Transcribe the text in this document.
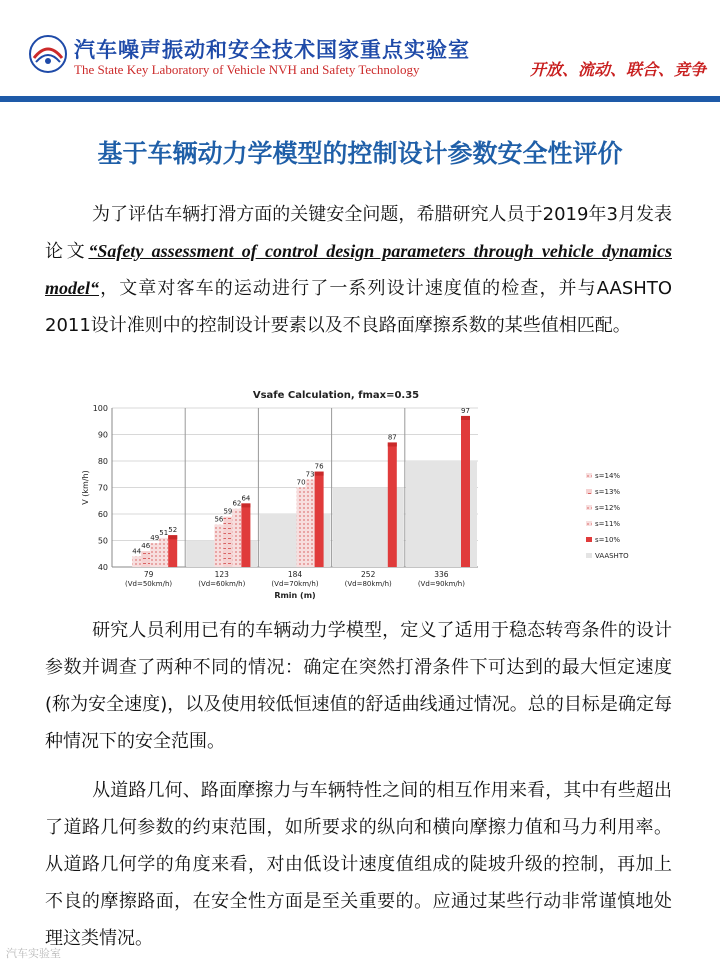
汽车噪声振动和安全技术国家重点实验室
The State Key Laboratory of Vehicle NVH and Safety Technology	开放、流动、联合、竞争
基于车辆动力学模型的控制设计参数安全性评价

为了评估车辆打滑方面的关键安全问题，希腊研究人员于2019年3月发表论文“Safety assessment of control design parameters through vehicle dynamics model“，文章对客车的运动进行了一系列设计速度值的检查，并与AASHTO 2011设计准则中的控制设计要素以及不良路面摩擦系数的某些值相匹配。

Vsafe Calculation, fmax=0.35
40
50
60
70
80
90
100
V (km/h)
44
46
49
51 52
79
(Vd=50km/h)
56
59
62
64
123
(Vd=60km/h)
70
73
76
184
(Vd=70km/h)
87
252
(Vd=80km/h)
97
336
(Vd=90km/h)
Rmin (m)
s=14%
s=13%
s=12%
s=11%
s=10%
VAASHTO

研究人员利用已有的车辆动力学模型，定义了适用于稳态转弯条件的设计参数并调查了两种不同的情况：确定在突然打滑条件下可达到的最大恒定速度(称为安全速度)，以及使用较低恒速值的舒适曲线通过情况。总的目标是确定每种情况下的安全范围。

从道路几何、路面摩擦力与车辆特性之间的相互作用来看，其中有些超出了道路几何参数的约束范围，如所要求的纵向和横向摩擦力值和马力利用率。从道路几何学的角度来看，对由低设计速度值组成的陡坡升级的控制，再加上不良的摩擦路面，在安全性方面是至关重要的。应通过某些行动非常谨慎地处理这类情况。

汽车实验室
